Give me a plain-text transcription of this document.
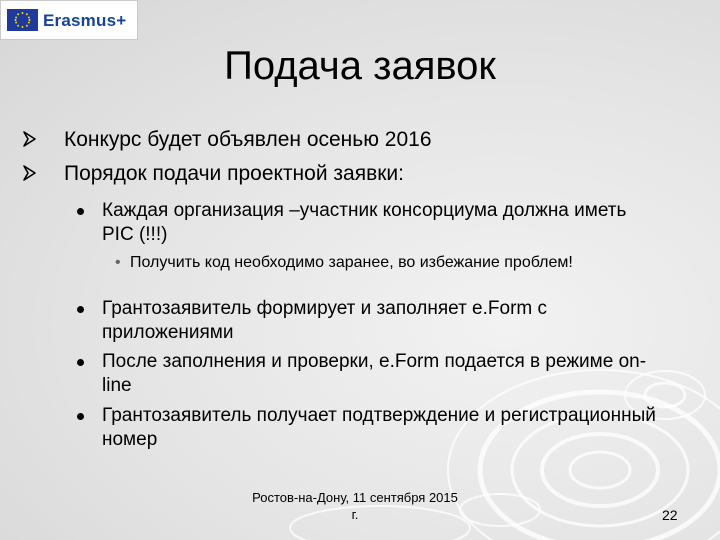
Erasmus+
Подача заявок
Конкурс будет объявлен осенью 2016
Порядок подачи проектной заявки:
Каждая организация –участник консорциума должна иметь PIC (!!!)
• Получить код необходимо заранее, во избежание проблем!
Грантозаявитель формирует и заполняет e.Form с приложениями
После заполнения и проверки, e.Form подается в режиме on-line
Грантозаявитель получает подтверждение и регистрационный номер
Ростов-на-Дону, 11 сентября 2015 г.	22
